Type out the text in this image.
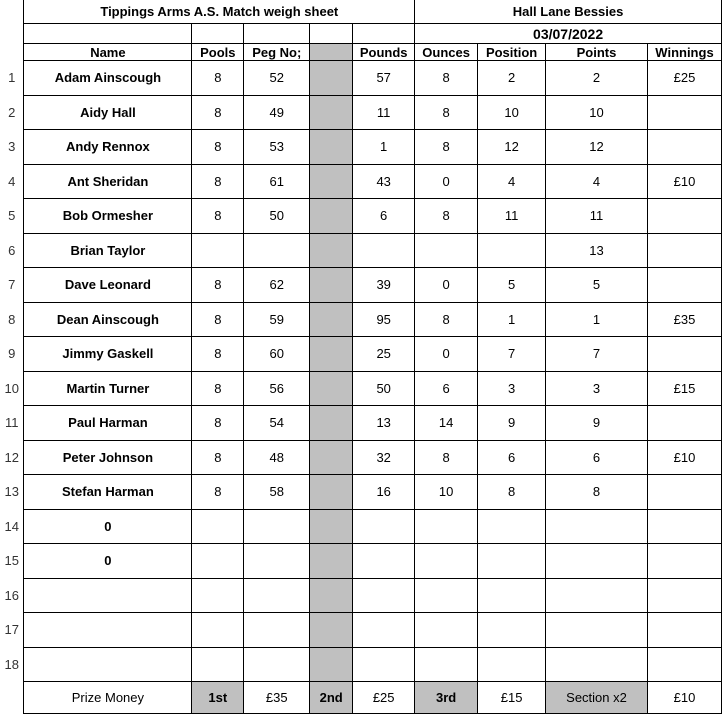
	Tippings Arms A.S. Match weigh sheet					Hall Lane Bessies			
						03/07/2022			
	Name	Pools	Peg No;		Pounds	Ounces	Position	Points	Winnings
1	Adam Ainscough	8	52		57	8	2	2	£25
2	Aidy Hall	8	49		11	8	10	10	
3	Andy Rennox	8	53		1	8	12	12	
4	Ant Sheridan	8	61		43	0	4	4	£10
5	Bob Ormesher	8	50		6	8	11	11	
6	Brian Taylor							13	
7	Dave Leonard	8	62		39	0	5	5	
8	Dean Ainscough	8	59		95	8	1	1	£35
9	Jimmy Gaskell	8	60		25	0	7	7	
10	Martin Turner	8	56		50	6	3	3	£15
11	Paul Harman	8	54		13	14	9	9	
12	Peter Johnson	8	48		32	8	6	6	£10
13	Stefan Harman	8	58		16	10	8	8	
14	0								
15	0								
16									
17									
18									
	Prize Money	1st	£35	2nd	£25	3rd	£15	Section x2	£10
